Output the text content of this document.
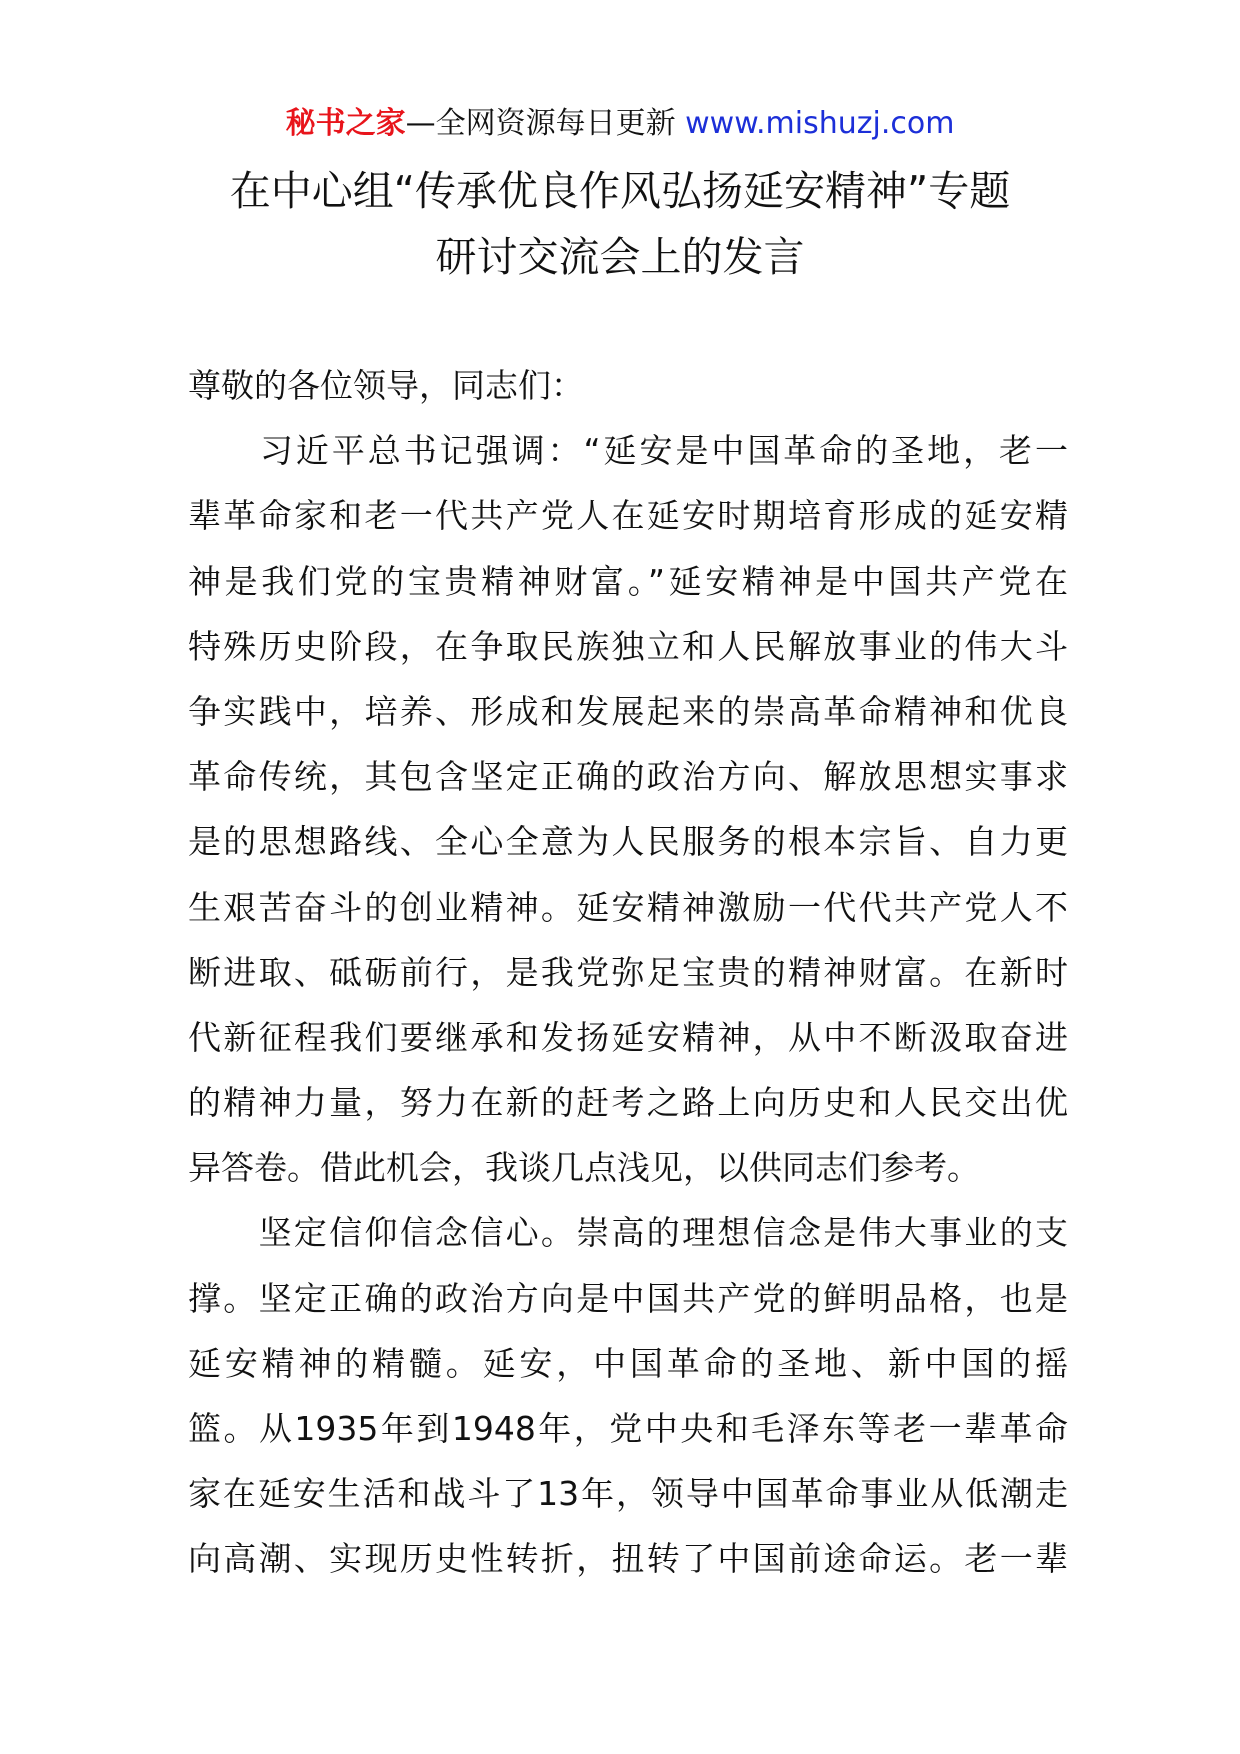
秘书之家—全网资源每日更新 www.mishuzj.com
在中心组“传承优良作风弘扬延安精神”专题
研讨交流会上的发言
尊敬的各位领导，同志们：
　　习近平总书记强调：“延安是中国革命的圣地，老一
辈革命家和老一代共产党人在延安时期培育形成的延安精
神是我们党的宝贵精神财富。”延安精神是中国共产党在
特殊历史阶段，在争取民族独立和人民解放事业的伟大斗
争实践中，培养、形成和发展起来的崇高革命精神和优良
革命传统，其包含坚定正确的政治方向、解放思想实事求
是的思想路线、全心全意为人民服务的根本宗旨、自力更
生艰苦奋斗的创业精神。延安精神激励一代代共产党人不
断进取、砥砺前行，是我党弥足宝贵的精神财富。在新时
代新征程我们要继承和发扬延安精神，从中不断汲取奋进
的精神力量，努力在新的赶考之路上向历史和人民交出优
异答卷。借此机会，我谈几点浅见，以供同志们参考。
　　坚定信仰信念信心。崇高的理想信念是伟大事业的支
撑。坚定正确的政治方向是中国共产党的鲜明品格，也是
延安精神的精髓。延安，中国革命的圣地、新中国的摇
篮。从1935年到1948年，党中央和毛泽东等老一辈革命
家在延安生活和战斗了13年，领导中国革命事业从低潮走
向高潮、实现历史性转折，扭转了中国前途命运。老一辈
